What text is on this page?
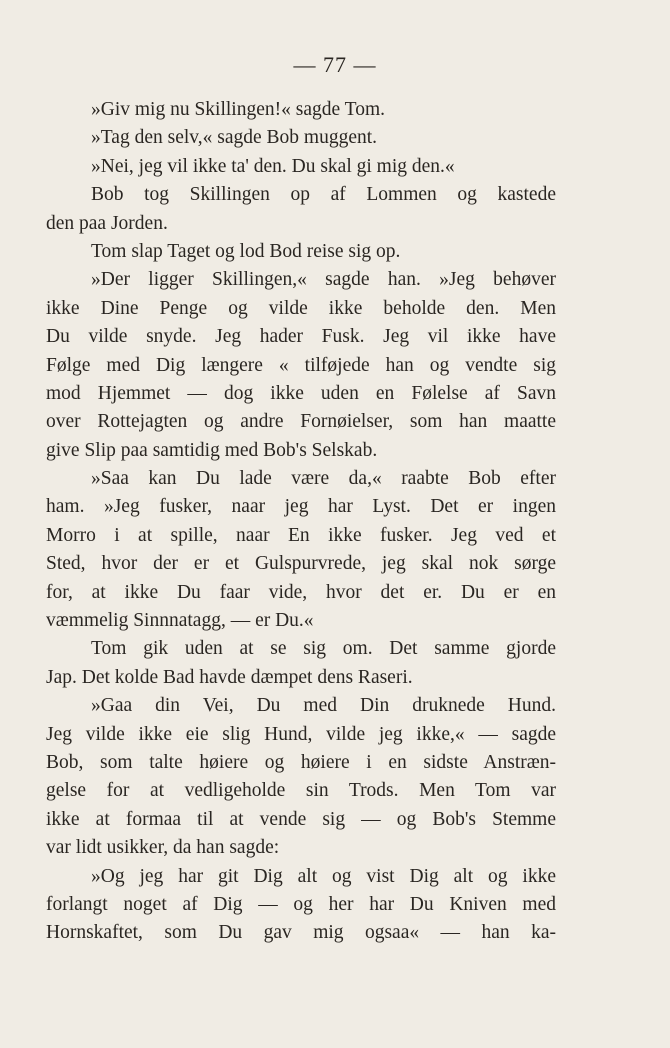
— 77 —
»Giv mig nu Skillingen!« sagde Tom.
»Tag den selv,« sagde Bob muggent.
»Nei, jeg vil ikke ta' den. Du skal gi mig den.«
Bob tog Skillingen op af Lommen og kastede
den paa Jorden.
Tom slap Taget og lod Bod reise sig op.
»Der ligger Skillingen,« sagde han. »Jeg behøver
ikke Dine Penge og vilde ikke beholde den. Men
Du vilde snyde. Jeg hader Fusk. Jeg vil ikke have
Følge med Dig længere « tilføjede han og vendte sig
mod Hjemmet — dog ikke uden en Følelse af Savn
over Rottejagten og andre Fornøielser, som han maatte
give Slip paa samtidig med Bob's Selskab.
»Saa kan Du lade være da,« raabte Bob efter
ham. »Jeg fusker, naar jeg har Lyst. Det er ingen
Morro i at spille, naar En ikke fusker. Jeg ved et
Sted, hvor der er et Gulspurvrede, jeg skal nok sørge
for, at ikke Du faar vide, hvor det er. Du er en
væmmelig Sinnnatagg, — er Du.«
Tom gik uden at se sig om. Det samme gjorde
Jap. Det kolde Bad havde dæmpet dens Raseri.
»Gaa din Vei, Du med Din druknede Hund.
Jeg vilde ikke eie slig Hund, vilde jeg ikke,« — sagde
Bob, som talte høiere og høiere i en sidste Anstræn-
gelse for at vedligeholde sin Trods. Men Tom var
ikke at formaa til at vende sig — og Bob's Stemme
var lidt usikker, da han sagde:
»Og jeg har git Dig alt og vist Dig alt og ikke
forlangt noget af Dig — og her har Du Kniven med
Hornskaftet, som Du gav mig ogsaa« — han ka-
